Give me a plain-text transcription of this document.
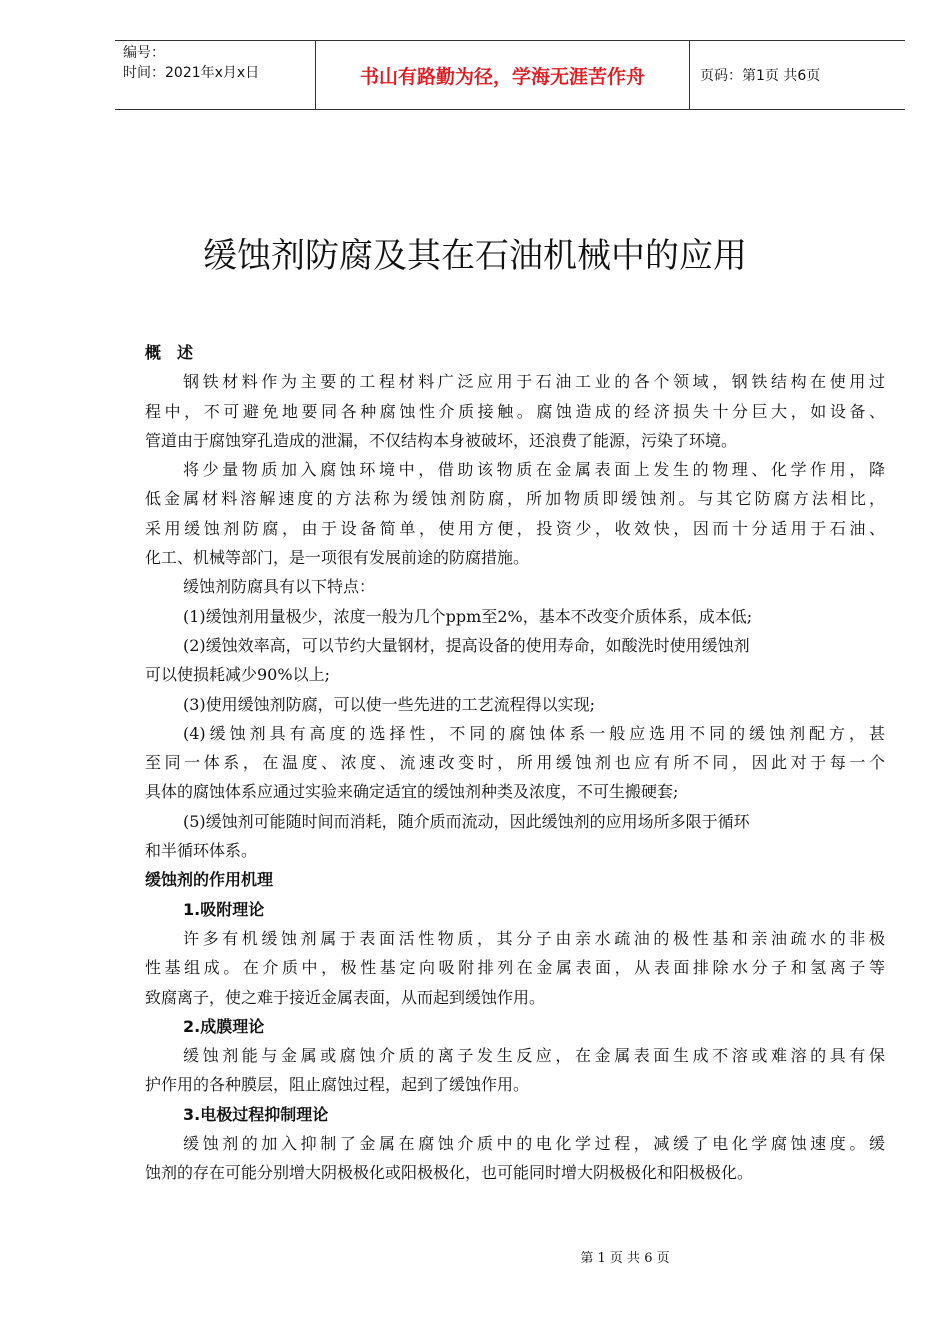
编号：
时间：2021年x月x日	书山有路勤为径，学海无涯苦作舟	页码：第1页 共6页
缓蚀剂防腐及其在石油机械中的应用
概　述
钢铁材料作为主要的工程材料广泛应用于石油工业的各个领域，钢铁结构在使用过
程中，不可避免地要同各种腐蚀性介质接触。腐蚀造成的经济损失十分巨大，如设备、
管道由于腐蚀穿孔造成的泄漏，不仅结构本身被破坏，还浪费了能源，污染了环境。
将少量物质加入腐蚀环境中，借助该物质在金属表面上发生的物理、化学作用，降
低金属材料溶解速度的方法称为缓蚀剂防腐，所加物质即缓蚀剂。与其它防腐方法相比，
采用缓蚀剂防腐，由于设备简单，使用方便，投资少，收效快，因而十分适用于石油、
化工、机械等部门，是一项很有发展前途的防腐措施。
缓蚀剂防腐具有以下特点：
(1)缓蚀剂用量极少，浓度一般为几个ppm至2%，基本不改变介质体系，成本低;
(2)缓蚀效率高，可以节约大量钢材，提高设备的使用寿命，如酸洗时使用缓蚀剂
可以使损耗减少90%以上;
(3)使用缓蚀剂防腐，可以使一些先进的工艺流程得以实现;
(4)缓蚀剂具有高度的选择性，不同的腐蚀体系一般应选用不同的缓蚀剂配方，甚
至同一体系，在温度、浓度、流速改变时，所用缓蚀剂也应有所不同，因此对于每一个
具体的腐蚀体系应通过实验来确定适宜的缓蚀剂种类及浓度，不可生搬硬套;
(5)缓蚀剂可能随时间而消耗，随介质而流动，因此缓蚀剂的应用场所多限于循环
和半循环体系。
缓蚀剂的作用机理
1.吸附理论
许多有机缓蚀剂属于表面活性物质，其分子由亲水疏油的极性基和亲油疏水的非极
性基组成。在介质中，极性基定向吸附排列在金属表面，从表面排除水分子和氢离子等
致腐离子，使之难于接近金属表面，从而起到缓蚀作用。
2.成膜理论
缓蚀剂能与金属或腐蚀介质的离子发生反应，在金属表面生成不溶或难溶的具有保
护作用的各种膜层，阻止腐蚀过程，起到了缓蚀作用。
3.电极过程抑制理论
缓蚀剂的加入抑制了金属在腐蚀介质中的电化学过程，减缓了电化学腐蚀速度。缓
蚀剂的存在可能分别增大阴极极化或阳极极化，也可能同时增大阴极极化和阳极极化。
第 1 页 共 6 页
